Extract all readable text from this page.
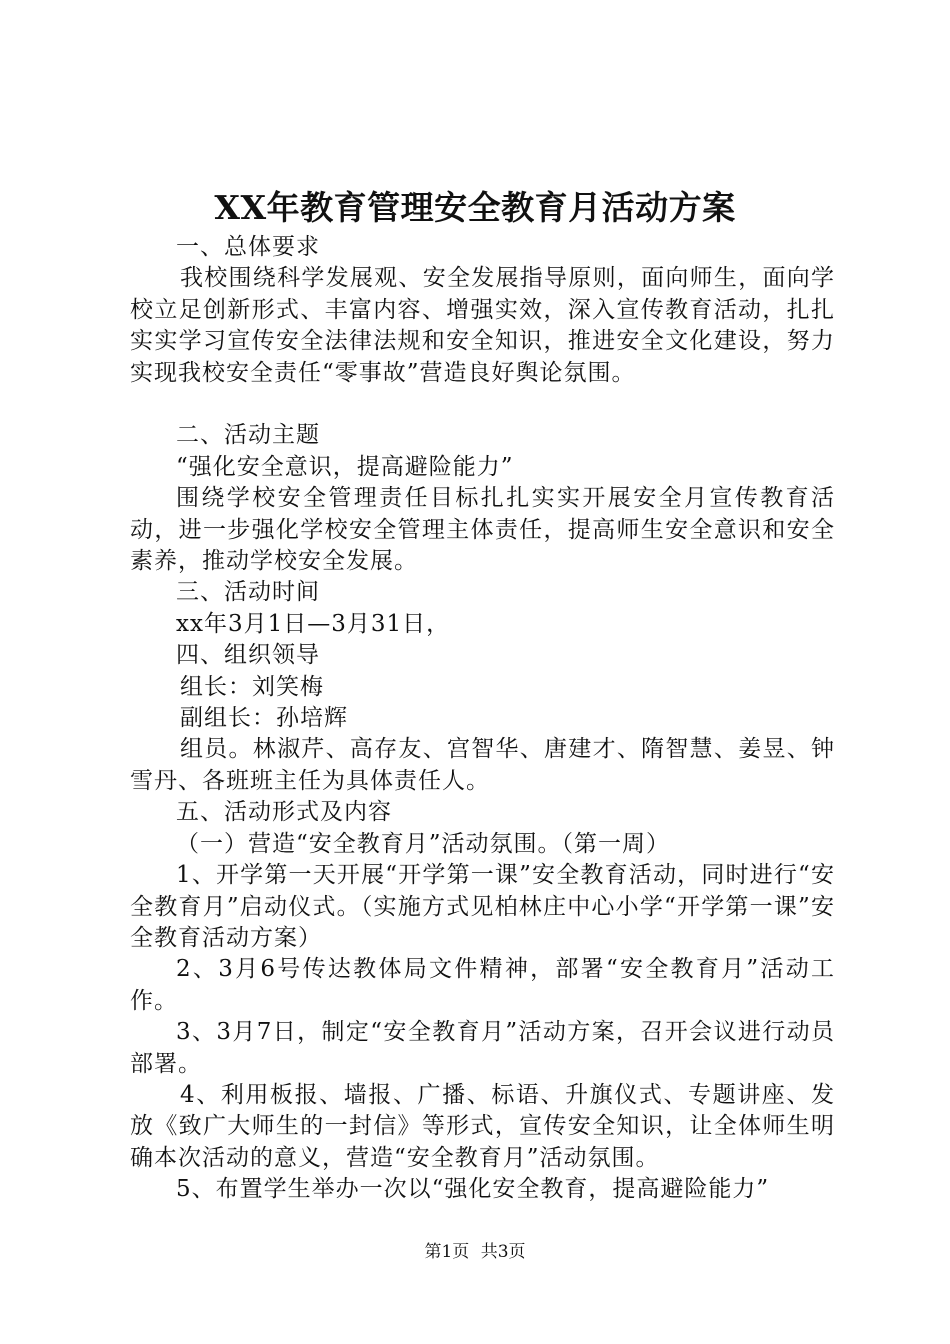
XX年教育管理安全教育月活动方案

一、总体要求

我校围绕科学发展观、安全发展指导原则，面向师生，面向学校立足创新形式、丰富内容、增强实效，深入宣传教育活动，扎扎实实学习宣传安全法律法规和安全知识，推进安全文化建设，努力实现我校安全责任“零事故”营造良好舆论氛围。

二、活动主题

“强化安全意识，提高避险能力”

围绕学校安全管理责任目标扎扎实实开展安全月宣传教育活动，进一步强化学校安全管理主体责任，提高师生安全意识和安全素养，推动学校安全发展。

三、活动时间

xx年3月1日—3月31日，

四、组织领导

组长：刘笑梅

副组长：孙培辉

组员。林淑芹、高存友、宫智华、唐建才、隋智慧、姜昱、钟雪丹、各班班主任为具体责任人。

五、活动形式及内容

（一）营造“安全教育月”活动氛围。（第一周）

1、开学第一天开展“开学第一课”安全教育活动，同时进行“安全教育月”启动仪式。（实施方式见柏林庄中心小学“开学第一课”安全教育活动方案）

2、3月6号传达教体局文件精神，部署“安全教育月”活动工作。

3、3月7日，制定“安全教育月”活动方案，召开会议进行动员部署。

4、利用板报、墙报、广播、标语、升旗仪式、专题讲座、发放《致广大师生的一封信》等形式，宣传安全知识，让全体师生明确本次活动的意义，营造“安全教育月”活动氛围。

5、布置学生举办一次以“强化安全教育，提高避险能力”

第1页 共3页
